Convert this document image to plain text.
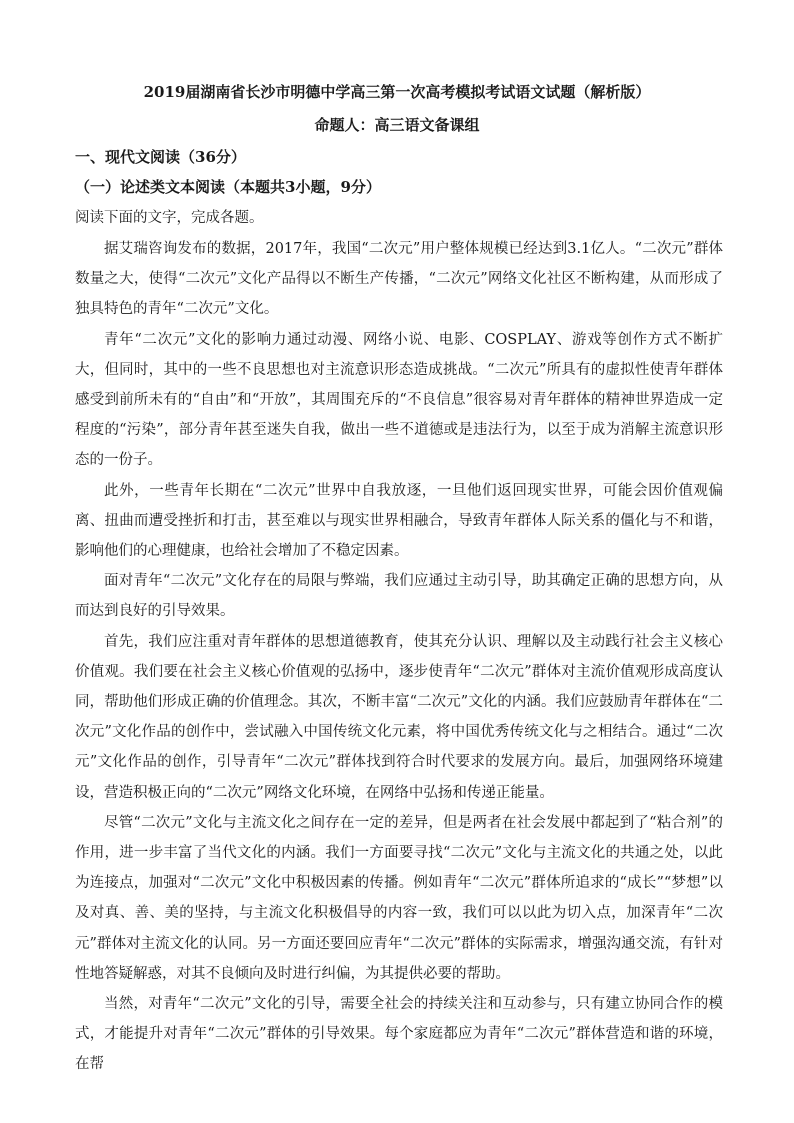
2019届湖南省长沙市明德中学高三第一次高考模拟考试语文试题（解析版）
命题人：高三语文备课组
一、现代文阅读（36分）
（一）论述类文本阅读（本题共3小题，9分）
阅读下面的文字，完成各题。

据艾瑞咨询发布的数据，2017年，我国“二次元”用户整体规模已经达到3.1亿人。“二次元”群体数量之大，使得“二次元”文化产品得以不断生产传播，“二次元”网络文化社区不断构建，从而形成了独具特色的青年“二次元”文化。

青年“二次元”文化的影响力通过动漫、网络小说、电影、COSPLAY、游戏等创作方式不断扩大，但同时，其中的一些不良思想也对主流意识形态造成挑战。“二次元”所具有的虚拟性使青年群体感受到前所未有的“自由”和“开放”，其周围充斥的“不良信息”很容易对青年群体的精神世界造成一定程度的“污染”，部分青年甚至迷失自我，做出一些不道德或是违法行为，以至于成为消解主流意识形态的一份子。

此外，一些青年长期在“二次元”世界中自我放逐，一旦他们返回现实世界，可能会因价值观偏离、扭曲而遭受挫折和打击，甚至难以与现实世界相融合，导致青年群体人际关系的僵化与不和谐，影响他们的心理健康，也给社会增加了不稳定因素。

面对青年“二次元”文化存在的局限与弊端，我们应通过主动引导，助其确定正确的思想方向，从而达到良好的引导效果。

首先，我们应注重对青年群体的思想道德教育，使其充分认识、理解以及主动践行社会主义核心价值观。我们要在社会主义核心价值观的弘扬中，逐步使青年“二次元”群体对主流价值观形成高度认同，帮助他们形成正确的价值理念。其次，不断丰富“二次元”文化的内涵。我们应鼓励青年群体在“二次元”文化作品的创作中，尝试融入中国传统文化元素，将中国优秀传统文化与之相结合。通过“二次元”文化作品的创作，引导青年“二次元”群体找到符合时代要求的发展方向。最后，加强网络环境建设，营造积极正向的“二次元”网络文化环境，在网络中弘扬和传递正能量。

尽管“二次元”文化与主流文化之间存在一定的差异，但是两者在社会发展中都起到了“粘合剂”的作用，进一步丰富了当代文化的内涵。我们一方面要寻找“二次元”文化与主流文化的共通之处，以此为连接点，加强对“二次元”文化中积极因素的传播。例如青年“二次元”群体所追求的“成长”“梦想”以及对真、善、美的坚持，与主流文化积极倡导的内容一致，我们可以以此为切入点，加深青年“二次元”群体对主流文化的认同。另一方面还要回应青年“二次元”群体的实际需求，增强沟通交流，有针对性地答疑解惑，对其不良倾向及时进行纠偏，为其提供必要的帮助。

当然，对青年“二次元”文化的引导，需要全社会的持续关注和互动参与，只有建立协同合作的模式，才能提升对青年“二次元”群体的引导效果。每个家庭都应为青年“二次元”群体营造和谐的环境，在帮
